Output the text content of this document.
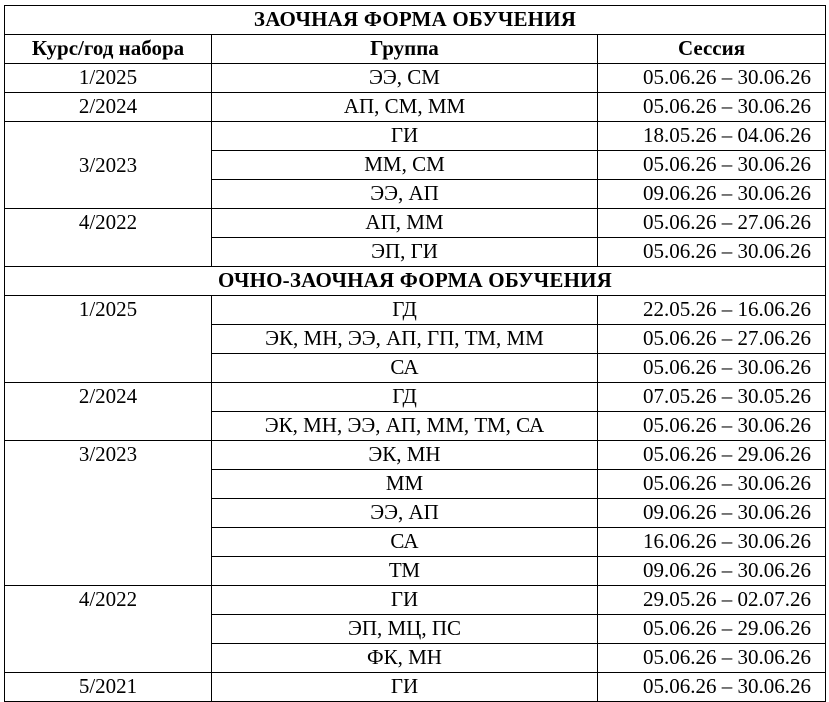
ЗАОЧНАЯ ФОРМА ОБУЧЕНИЯ		
Курс/год набора	Группа	Сессия
1/2025	ЭЭ, СМ	05.06.26 – 30.06.26
2/2024	АП, СМ, ММ	05.06.26 – 30.06.26
3/2023	ГИ	18.05.26 – 04.06.26
	ММ, СМ	05.06.26 – 30.06.26
	ЭЭ, АП	09.06.26 – 30.06.26
4/2022	АП, ММ	05.06.26 – 27.06.26
	ЭП, ГИ	05.06.26 – 30.06.26
ОЧНО-ЗАОЧНАЯ ФОРМА ОБУЧЕНИЯ		
1/2025	ГД	22.05.26 – 16.06.26
	ЭК, МН, ЭЭ, АП, ГП, ТМ, ММ	05.06.26 – 27.06.26
	СА	05.06.26 – 30.06.26
2/2024	ГД	07.05.26 – 30.05.26
	ЭК, МН, ЭЭ, АП, ММ, ТМ, СА	05.06.26 – 30.06.26
3/2023	ЭК, МН	05.06.26 – 29.06.26
	ММ	05.06.26 – 30.06.26
	ЭЭ, АП	09.06.26 – 30.06.26
	СА	16.06.26 – 30.06.26
	ТМ	09.06.26 – 30.06.26
4/2022	ГИ	29.05.26 – 02.07.26
	ЭП, МЦ, ПС	05.06.26 – 29.06.26
	ФК, МН	05.06.26 – 30.06.26
5/2021	ГИ	05.06.26 – 30.06.26
